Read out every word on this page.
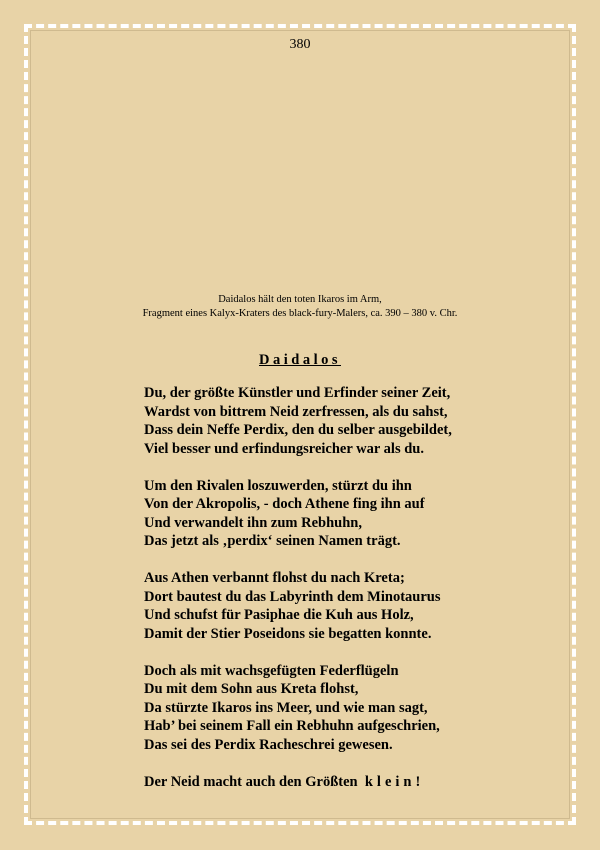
380
Daidalos hält den toten Ikaros im Arm,
Fragment eines Kalyx-Kraters des black-fury-Malers, ca. 390 – 380 v. Chr.
Daidalos
Du, der größte Künstler und Erfinder seiner Zeit,
Wardst von bittrem Neid zerfressen, als du sahst,
Dass dein Neffe Perdix, den du selber ausgebildet,
Viel besser und erfindungsreicher war als du.
Um den Rivalen loszuwerden, stürzt du ihn
Von der Akropolis, - doch Athene fing ihn auf
Und verwandelt ihn zum Rebhuhn,
Das jetzt als ‚perdix‘ seinen Namen trägt.
Aus Athen verbannt flohst du nach Kreta;
Dort bautest du das Labyrinth dem Minotaurus
Und schufst für Pasiphae die Kuh aus Holz,
Damit der Stier Poseidons sie begatten konnte.
Doch als mit wachsgefügten Federflügeln
Du mit dem Sohn aus Kreta flohst,
Da stürzte Ikaros ins Meer, und wie man sagt,
Hab’ bei seinem Fall ein Rebhuhn aufgeschrien,
Das sei des Perdix Racheschrei gewesen.
Der Neid macht auch den Größten klein!
